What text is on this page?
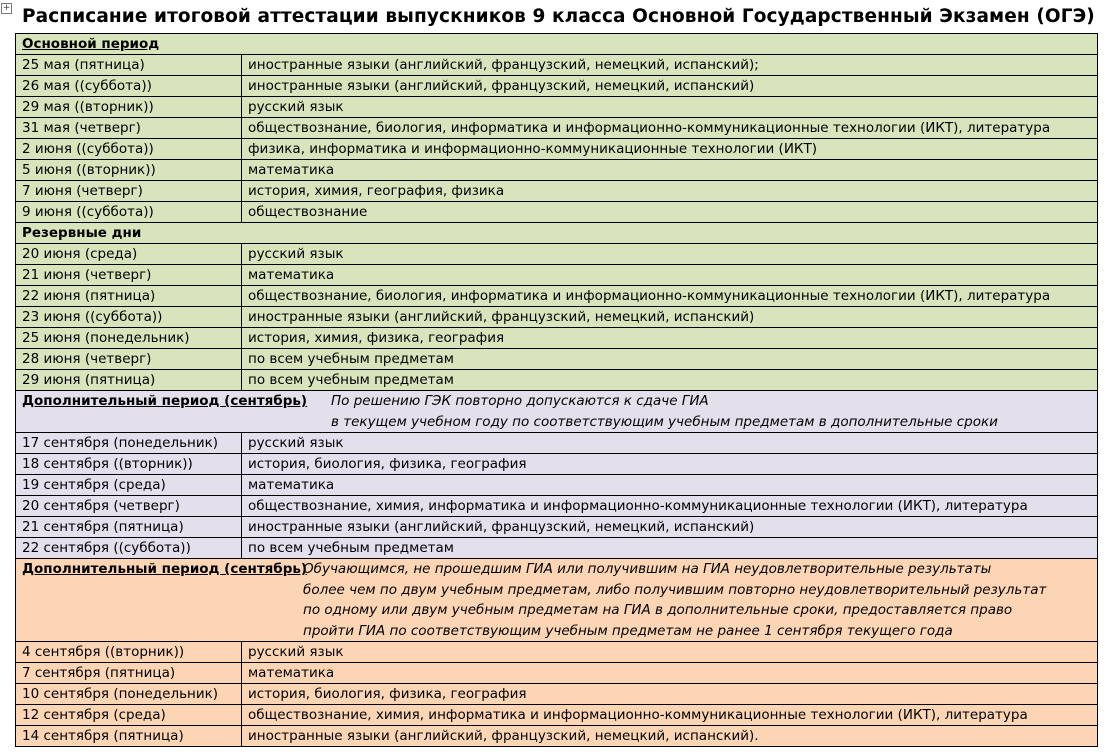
+ Расписание итоговой аттестации выпускников 9 класса Основной Государственный Экзамен (ОГЭ)
Основной период	
25 мая (пятница)	иностранные языки (английский, французский, немецкий, испанский);
26 мая ((суббота))	иностранные языки (английский, французский, немецкий, испанский)
29 мая ((вторник))	русский язык
31 мая (четверг)	обществознание, биология, информатика и информационно-коммуникационные технологии (ИКТ), литература
2 июня ((суббота))	физика, информатика и информационно-коммуникационные технологии (ИКТ)
5 июня ((вторник))	математика
7 июня (четверг)	история, химия, география, физика
9 июня ((суббота))	обществознание
Резервные дни	
20 июня (среда)	русский язык
21 июня (четверг)	математика
22 июня (пятница)	обществознание, биология, информатика и информационно-коммуникационные технологии (ИКТ), литература
23 июня ((суббота))	иностранные языки (английский, французский, немецкий, испанский)
25 июня (понедельник)	история, химия, физика, география
28 июня (четверг)	по всем учебным предметам
29 июня (пятница)	по всем учебным предметам

Дополнительный период (сентябрь) По решению ГЭК повторно допускаются к сдаче ГИА
в текущем учебном году по соответствующим учебным предметам в дополнительные сроки	

17 сентября (понедельник)	русский язык
18 сентября ((вторник))	история, биология, физика, география
19 сентября (среда)	математика
20 сентября (четверг)	обществознание, химия, информатика и информационно-коммуникационные технологии (ИКТ), литература
21 сентября (пятница)	иностранные языки (английский, французский, немецкий, испанский)
22 сентября ((суббота))	по всем учебным предметам

Дополнительный период (сентябрь)
Обучающимся, не прошедшим ГИА или получившим на ГИА неудовлетворительные результаты
более чем по двум учебным предметам, либо получившим повторно неудовлетворительный результат
по одному или двум учебным предметам на ГИА в дополнительные сроки, предоставляется право
пройти ГИА по соответствующим учебным предметам не ранее 1 сентября текущего года	

4 сентября ((вторник))	русский язык
7 сентября (пятница)	математика
10 сентября (понедельник)	история, биология, физика, география
12 сентября (среда)	обществознание, химия, информатика и информационно-коммуникационные технологии (ИКТ), литература
14 сентября (пятница)	иностранные языки (английский, французский, немецкий, испанский).
